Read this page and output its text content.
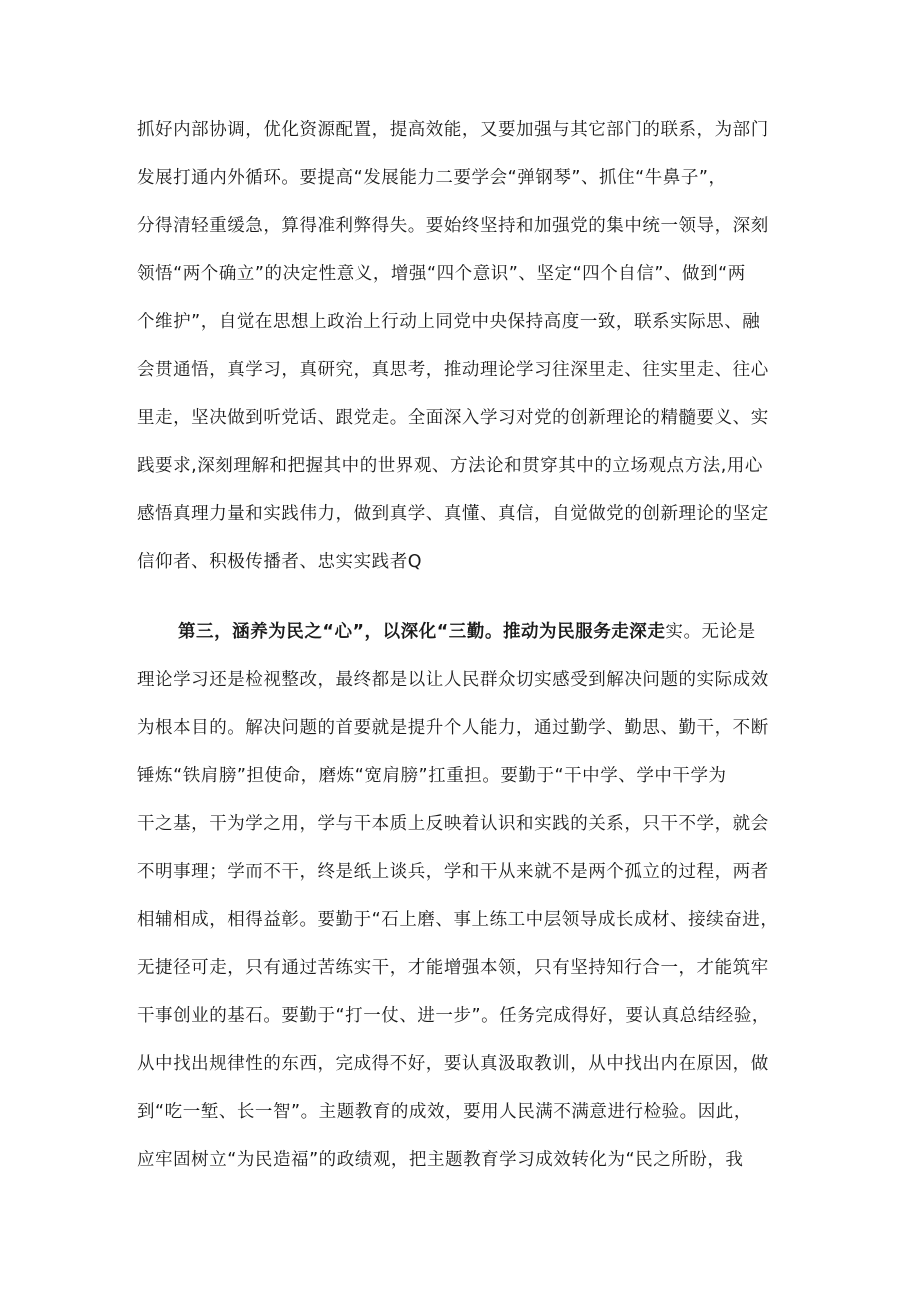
抓好内部协调，优化资源配置，提高效能，又要加强与其它部门的联系，为部门
发展打通内外循环。要提高“发展能力二要学会“弹钢琴”、抓住“牛鼻子”，
分得清轻重缓急，算得准利弊得失。要始终坚持和加强党的集中统一领导，深刻
领悟“两个确立”的决定性意义，增强“四个意识”、坚定“四个自信”、做到“两
个维护”，自觉在思想上政治上行动上同党中央保持高度一致，联系实际思、融
会贯通悟，真学习，真研究，真思考，推动理论学习往深里走、往实里走、往心
里走，坚决做到听党话、跟党走。全面深入学习对党的创新理论的精髓要义、实
践要求,深刻理解和把握其中的世界观、方法论和贯穿其中的立场观点方法,用心
感悟真理力量和实践伟力，做到真学、真懂、真信，自觉做党的创新理论的坚定
信仰者、积极传播者、忠实实践者Q
第三，涵养为民之“心”，以深化“三勤。推动为民服务走深走实。无论是
理论学习还是检视整改，最终都是以让人民群众切实感受到解决问题的实际成效
为根本目的。解决问题的首要就是提升个人能力，通过勤学、勤思、勤干，不断
锤炼“铁肩膀”担使命，磨炼“宽肩膀”扛重担。要勤于“干中学、学中干学为
干之基，干为学之用，学与干本质上反映着认识和实践的关系，只干不学，就会
不明事理；学而不干，终是纸上谈兵，学和干从来就不是两个孤立的过程，两者
相辅相成，相得益彰。要勤于“石上磨、事上练工中层领导成长成材、接续奋进，
无捷径可走，只有通过苦练实干，才能增强本领，只有坚持知行合一，才能筑牢
干事创业的基石。要勤于“打一仗、进一步”。任务完成得好，要认真总结经验，
从中找出规律性的东西，完成得不好，要认真汲取教训，从中找出内在原因，做
到“吃一堑、长一智”。主题教育的成效，要用人民满不满意进行检验。因此，
应牢固树立“为民造福”的政绩观，把主题教育学习成效转化为“民之所盼，我
